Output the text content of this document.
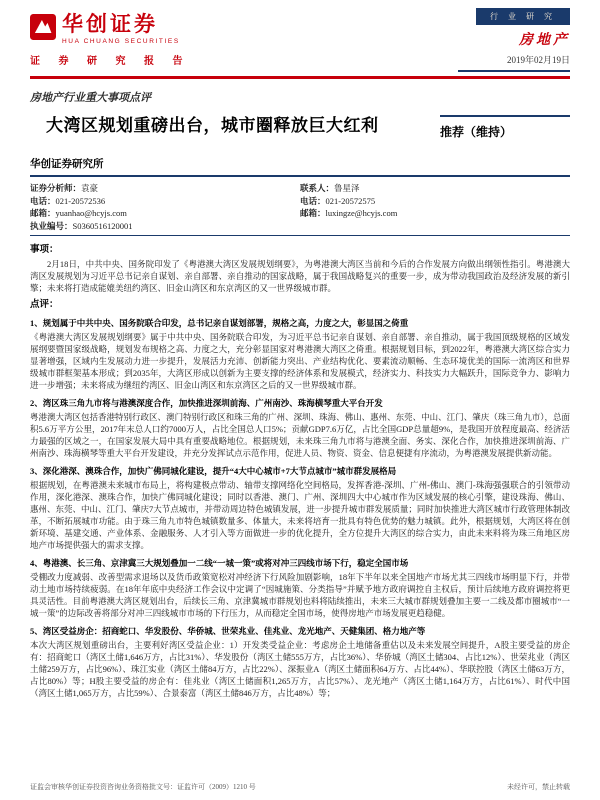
华创证券
HUA CHUANG SECURITIES
证 券 研 究 报 告
行 业 研 究
房地产
2019年02月19日
房地产行业重大事项点评
大湾区规划重磅出台，城市圈释放巨大红利	推荐（维持）
华创证券研究所
证券分析师：袁豪
电话：021-20572536
邮箱：yuanhao@hcyjs.com
执业编号：S0360516120001
联系人：鲁星泽
电话：021-20572575
邮箱：luxingze@hcyjs.com
事项：

2月18日，中共中央、国务院印发了《粤港澳大湾区发展规划纲要》，为粤港澳大湾区当前和今后的合作发展方向做出纲领性指引。粤港澳大湾区发展规划为习近平总书记亲自谋划、亲自部署、亲自推动的国家战略，属于我国战略复兴的重要一步，成为带动我国政治及经济发展的新引擎；未来将打造成能媲美纽约湾区、旧金山湾区和东京湾区的又一世界级城市群。

点评：
1、规划属于中共中央、国务院联合印发，总书记亲自谋划部署，规格之高，力度之大，彰显国之倚重

《粤港澳大湾区发展规划纲要》属于中共中央、国务院联合印发，为习近平总书记亲自谋划、亲自部署、亲自推动，属于我国顶级规格的区域发展纲要暨国家级战略，规划发布规格之高、力度之大，充分彰显国家对粤港澳大湾区之倚重。根据规划目标，到2022年，粤港澳大湾区综合实力显著增强，区域内生发展动力进一步提升，发展活力充沛、创新能力突出、产业结构优化、要素流动顺畅、生态环境优美的国际一流湾区和世界级城市群框架基本形成；到2035年，大湾区形成以创新为主要支撑的经济体系和发展模式，经济实力、科技实力大幅跃升，国际竞争力、影响力进一步增强；未来将成为继纽约湾区、旧金山湾区和东京湾区之后的又一世界级城市群。

2、湾区珠三角九市将与港澳深度合作，加快推进深圳前海、广州南沙、珠海横琴重大平台开发

粤港澳大湾区包括香港特别行政区、澳门特别行政区和珠三角的广州、深圳、珠海、佛山、惠州、东莞、中山、江门、肇庆（珠三角九市），总面积5.6万平方公里，2017年末总人口约7000万人，占比全国总人口5%；贡献GDP7.6万亿，占比全国GDP总量超9%，是我国开放程度最高、经济活力最强的区域之一，在国家发展大局中具有重要战略地位。根据规划，未来珠三角九市将与港澳全面、务实、深化合作，加快推进深圳前海、广州南沙、珠海横琴等重大平台开发建设，并充分发挥试点示范作用，促进人员、物资、资金、信息便捷有序流动，为粤港澳发展提供新动能。

3、深化港深、澳珠合作，加快广佛同城化建设，提升“4大中心城市+7大节点城市”城市群发展格局

根据规划，在粤港澳未来城市布局上，将构建极点带动、轴带支撑网络化空间格局，发挥香港-深圳、广州-佛山、澳门-珠海强强联合的引领带动作用，深化港深、澳珠合作，加快广佛同城化建设；同时以香港、澳门、广州、深圳四大中心城市作为区域发展的核心引擎，建设珠海、佛山、惠州、东莞、中山、江门、肇庆7大节点城市，并带动周边特色城镇发展，进一步提升城市群发展质量；同时加快推进大湾区城市行政管理体制改革，不断拓展城市功能。由于珠三角九市特色城镇数量多、体量大，未来将培育一批具有特色优势的魅力城镇。此外，根据规划，大湾区将在创新环境、基建交通、产业体系、金融服务、人才引入等方面做进一步的优化提升，全方位提升大湾区的综合实力，由此未来料将为珠三角地区房地产市场提供强大的需求支撑。

4、粤港澳、长三角、京津冀三大规划叠加一二线“一城一策”或将对冲三四线市场下行，稳定全国市场

受棚改力度减弱、改善型需求退场以及货币政策宽松对冲经济下行风险加剧影响，18年下半年以来全国地产市场尤其三四线市场明显下行，并带动土地市场持续疲弱。在18年年底中央经济工作会议中定调了“因城施策、分类指导”并赋予地方政府调控自主权后，预计后续地方政府调控将更具灵活性。目前粤港澳大湾区规划出台，后续长三角、京津冀城市群规划也料将陆续推出，未来三大城市群规划叠加主要一二线及都市圈城市“一城一策”的边际改善将部分对冲三四线城市市场的下行压力，从而稳定全国市场，使得房地产市场发展更趋稳健。

5、湾区受益房企：招商蛇口、华发股份、华侨城、世荣兆业、佳兆业、龙光地产、天健集团、格力地产等

本次大湾区规划重磅出台，主要利好湾区受益企业：1）开发类受益企业：考虑房企土地储备重估以及未来发展空间提升，A股主要受益的房企有：招商蛇口（湾区土储1,646万方，占比31%）、华发股份（湾区土储555万方，占比36%）、华侨城（湾区土储304、占比12%）、世荣兆业（湾区土储259万方，占比96%）、珠江实业（湾区土储84万方，占比22%）、深振业A（湾区土储面积64万方、占比44%）、华联控股（湾区土储63万方，占比80%）等；H股主要受益的房企有：佳兆业（湾区土储面积1,265万方，占比57%）、龙光地产（湾区土储1,164万方，占比61%）、时代中国（湾区土储1,065万方，占比59%）、合景泰富（湾区土储846万方，占比48%）等；

证监会审核华创证券投资咨询业务资格批文号：证监许可（2009）1210 号	未经许可，禁止转载
